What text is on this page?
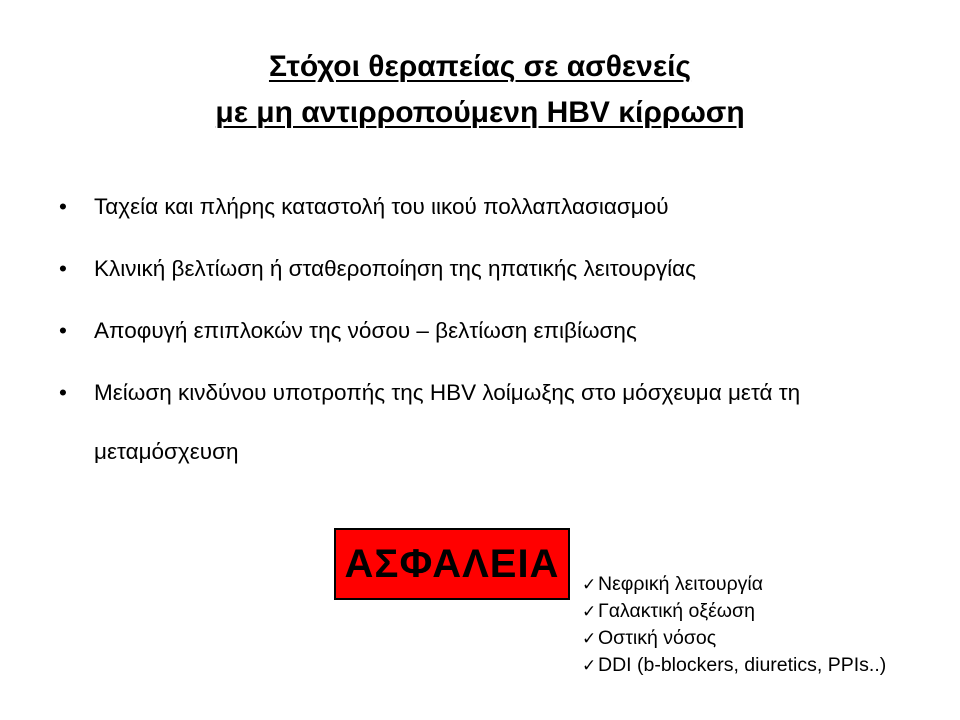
Στόχοι θεραπείας σε ασθενείς
με μη αντιρροπούμενη HBV κίρρωση
• Ταχεία και πλήρης καταστολή του ιικού πολλαπλασιασμού
• Κλινική βελτίωση ή σταθεροποίηση της ηπατικής λειτουργίας
• Αποφυγή επιπλοκών της νόσου – βελτίωση επιβίωσης
• Μείωση κινδύνου υποτροπής της HBV λοίμωξης στο μόσχευμα μετά τη μεταμόσχευση
ΑΣΦΑΛΕΙΑ ✓Νεφρική λειτουργία
✓Γαλακτική οξέωση
✓Οστική νόσος
✓DDI (b-blockers, diuretics, PPIs..)
